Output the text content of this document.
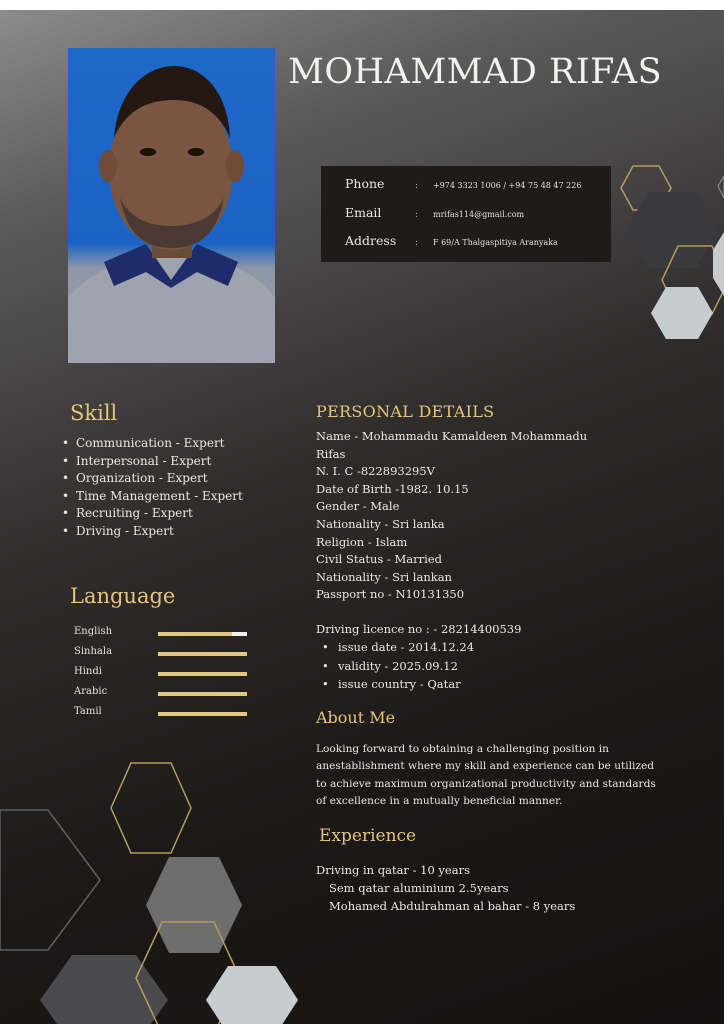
MOHAMMAD RIFAS
Phone	: +974 3323 1006 / +94 75 48 47 226
Email	: mrifas114@gmail.com
Address : F 69/A Thalgaspitiya Aranyaka
Skill
• Communication - Expert
• Interpersonal - Expert
• Organization - Expert
• Time Management - Expert
• Recruiting - Expert
• Driving - Expert
Language
English
Sinhala
Hindi
Arabic
Tamil
PERSONAL DETAILS
Name - Mohammadu Kamaldeen Mohammadu
Rifas
N. I. C -822893295V
Date of Birth -1982. 10.15
Gender - Male
Nationality - Sri lanka
Religion - Islam
Civil Status - Married
Nationality - Sri lankan
Passport no - N10131350
Driving licence no : - 28214400539
• issue date - 2014.12.24
• validity - 2025.09.12
• issue country - Qatar
About Me

Looking forward to obtaining a challenging position in anestablishment where my skill and experience can be utilized to achieve maximum organizational productivity and standards of excellence in a mutually beneficial manner.

Experience
Driving in qatar - 10 years
Sem qatar aluminium 2.5years
Mohamed Abdulrahman al bahar - 8 years
